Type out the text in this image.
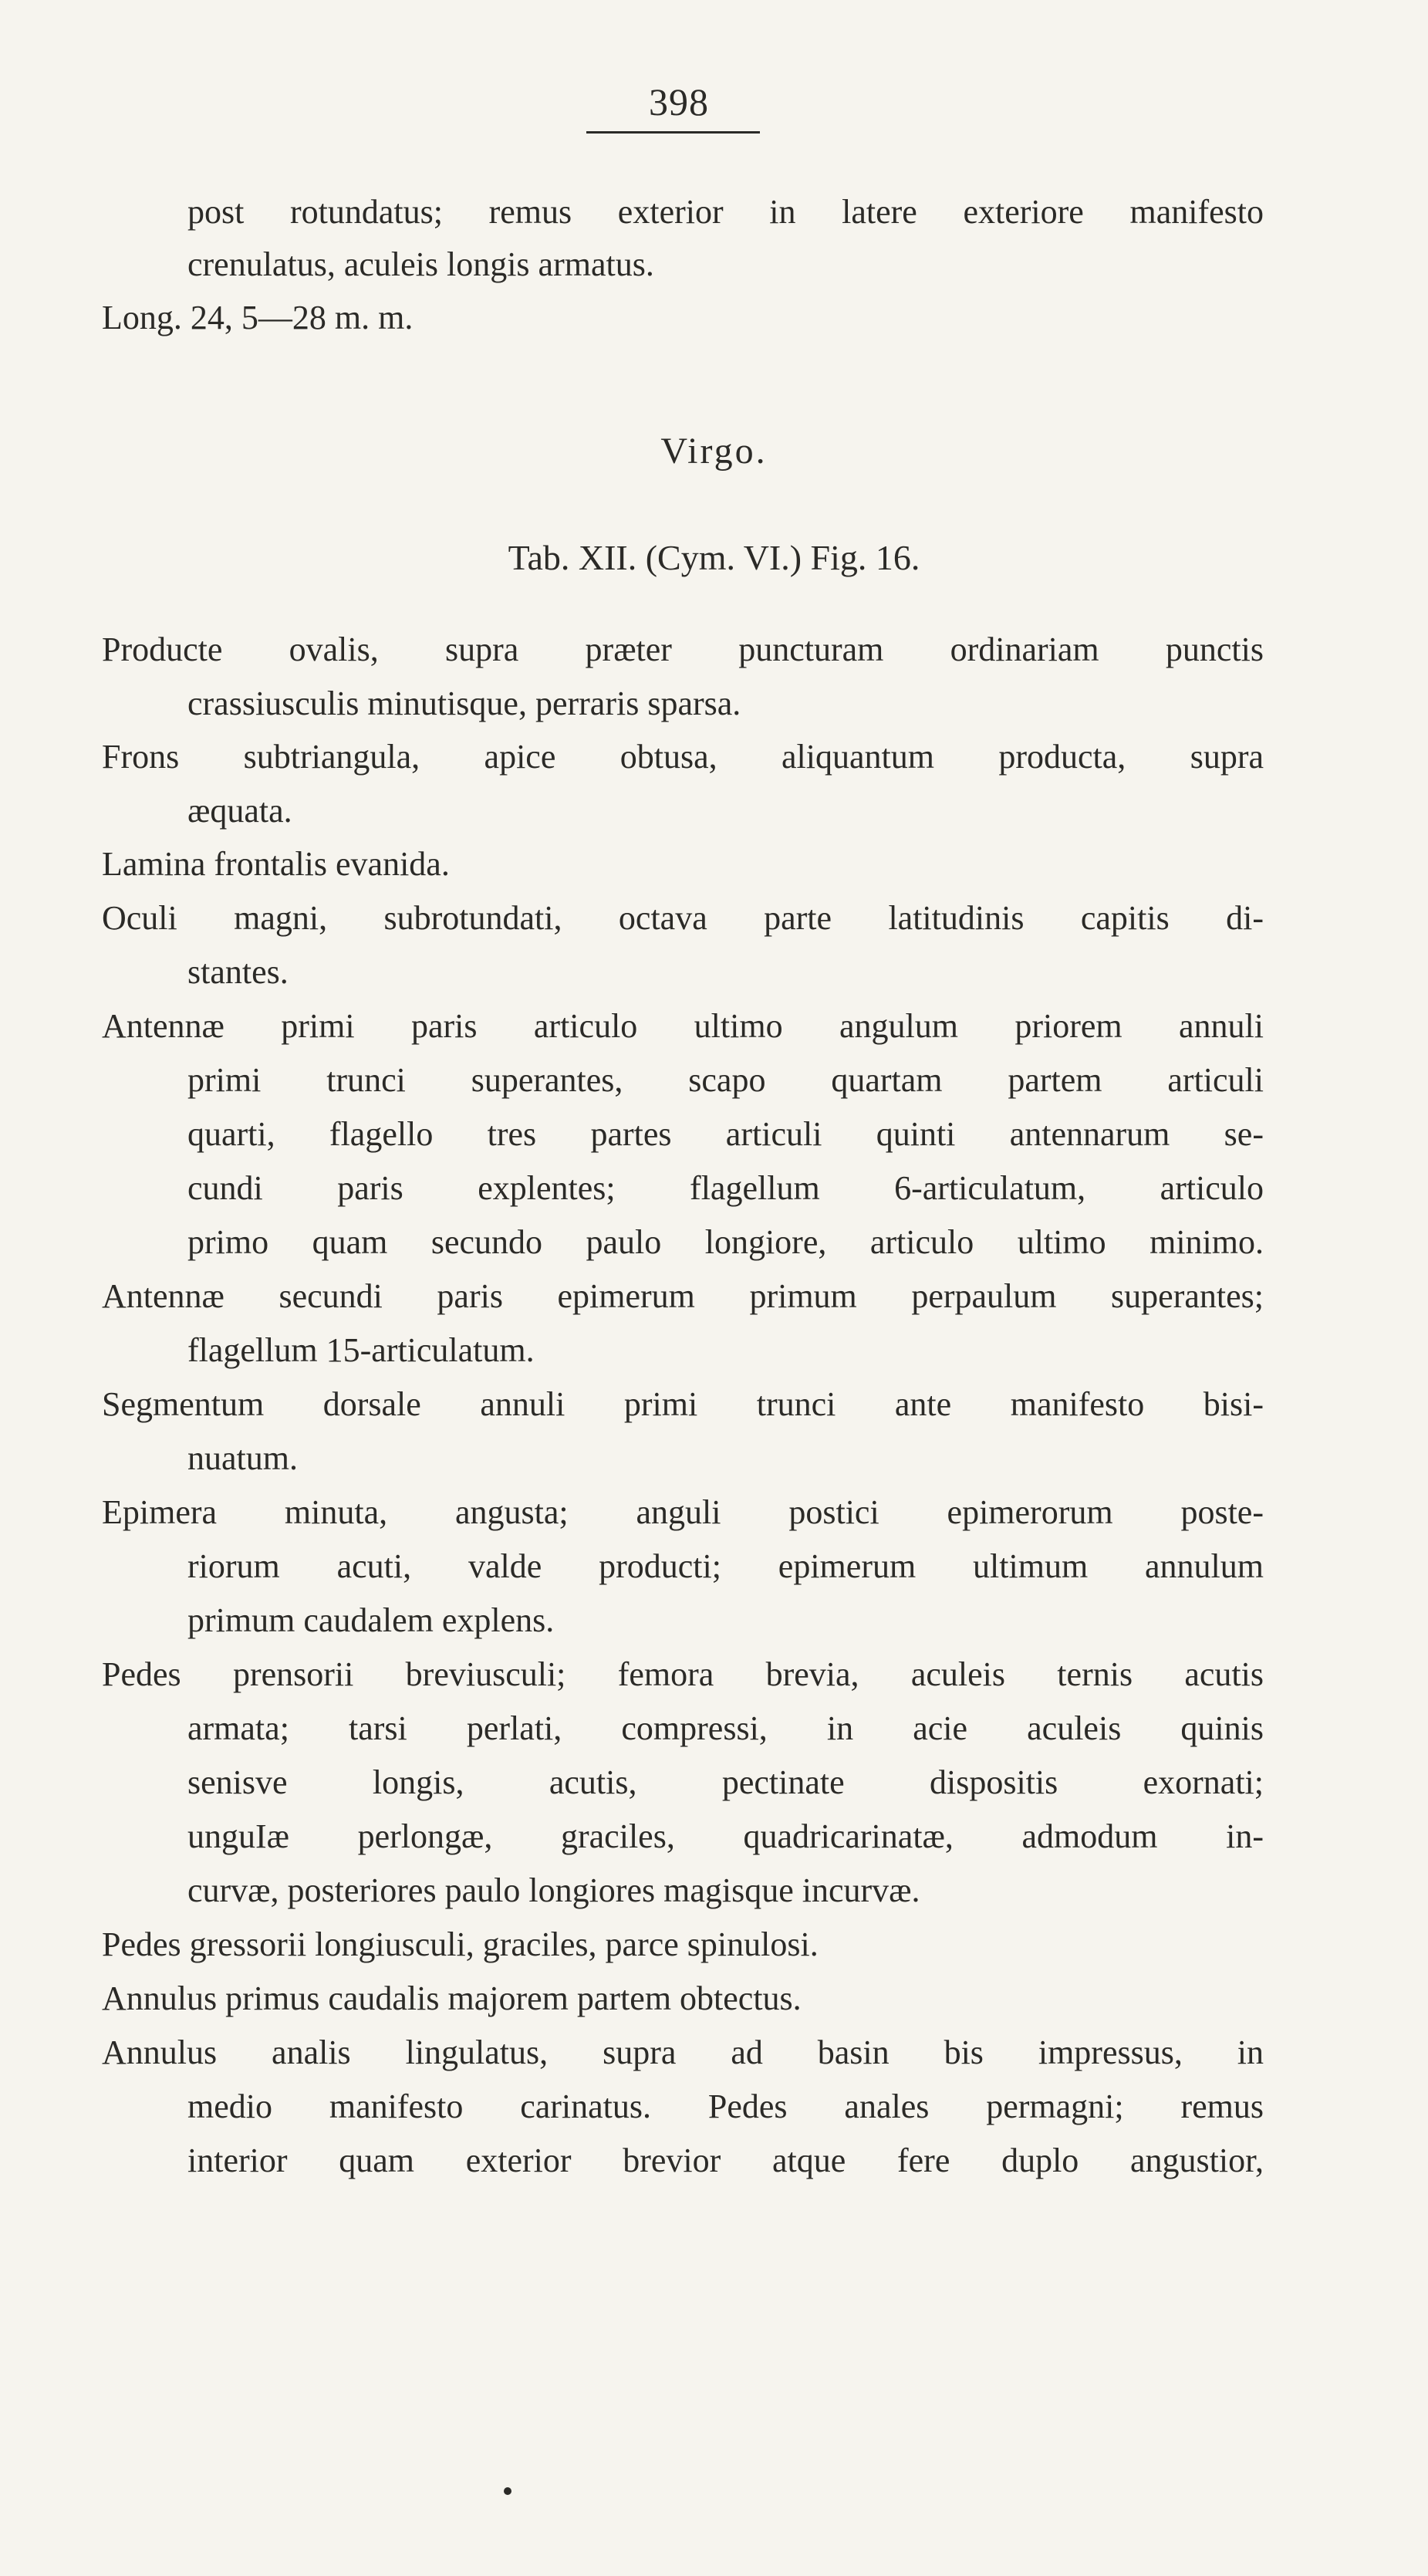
398
post rotundatus; remus exterior in latere exteriore manifesto
crenulatus, aculeis longis armatus.
Long. 24, 5—28 m. m.
Virgo.
Tab. XII. (Cym. VI.) Fig. 16.
Producte ovalis, supra præter puncturam ordinariam punctis
crassiusculis minutisque, perraris sparsa.
Frons subtriangula, apice obtusa, aliquantum producta, supra
æquata.
Lamina frontalis evanida.
Oculi magni, subrotundati, octava parte latitudinis capitis di-
stantes.
Antennæ primi paris articulo ultimo angulum priorem annuli
primi trunci superantes, scapo quartam partem articuli
quarti, flagello tres partes articuli quinti antennarum se-
cundi paris explentes; flagellum 6-articulatum, articulo
primo quam secundo paulo longiore, articulo ultimo minimo.
Antennæ secundi paris epimerum primum perpaulum superantes;
flagellum 15-articulatum.
Segmentum dorsale annuli primi trunci ante manifesto bisi-
nuatum.
Epimera minuta, angusta; anguli postici epimerorum poste-
riorum acuti, valde producti; epimerum ultimum annulum
primum caudalem explens.
Pedes prensorii breviusculi; femora brevia, aculeis ternis acutis
armata; tarsi perlati, compressi, in acie aculeis quinis
senisve longis, acutis, pectinate dispositis exornati;
unguIæ perlongæ, graciles, quadricarinatæ, admodum in-
curvæ, posteriores paulo longiores magisque incurvæ.
Pedes gressorii longiusculi, graciles, parce spinulosi.
Annulus primus caudalis majorem partem obtectus.
Annulus analis lingulatus, supra ad basin bis impressus, in
medio manifesto carinatus. Pedes anales permagni; remus
interior quam exterior brevior atque fere duplo angustior,
